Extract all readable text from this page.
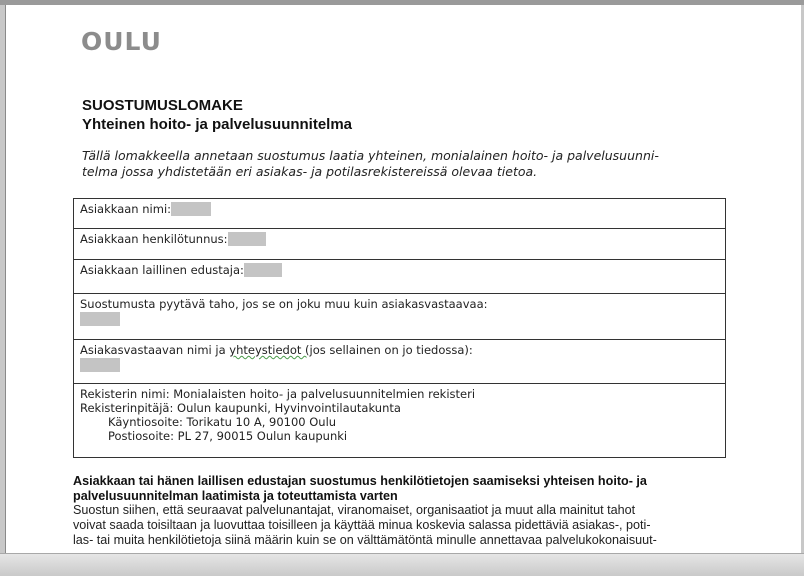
OULU
SUOSTUMUSLOMAKE
Yhteinen hoito- ja palvelusuunnitelma
Tällä lomakkeella annetaan suostumus laatia yhteinen, monialainen hoito- ja palvelusuunni-
telma jossa yhdistetään eri asiakas- ja potilasrekistereissä olevaa tietoa.
Asiakkaan nimi:
Asiakkaan henkilötunnus:
Asiakkaan laillinen edustaja:

Suostumusta pyytävä taho, jos se on joku muu kuin asiakasvastaavaa:

Asiakasvastaavan nimi ja yhteystiedot (jos sellainen on jo tiedossa):

Rekisterin nimi: Monialaisten hoito- ja palvelusuunnitelmien rekisteri
Rekisterinpitäjä: Oulun kaupunki, Hyvinvointilautakunta
Käyntiosoite: Torikatu 10 A, 90100 Oulu
Postiosoite: PL 27, 90015 Oulun kaupunki
Asiakkaan tai hänen laillisen edustajan suostumus henkilötietojen saamiseksi yhteisen hoito- ja
palvelusuunnitelman laatimista ja toteuttamista varten
Suostun siihen, että seuraavat palvelunantajat, viranomaiset, organisaatiot ja muut alla mainitut tahot
voivat saada toisiltaan ja luovuttaa toisilleen ja käyttää minua koskevia salassa pidettäviä asiakas-, poti-
las- tai muita henkilötietoja siinä määrin kuin se on välttämätöntä minulle annettavaa palvelukokonaisuut-
